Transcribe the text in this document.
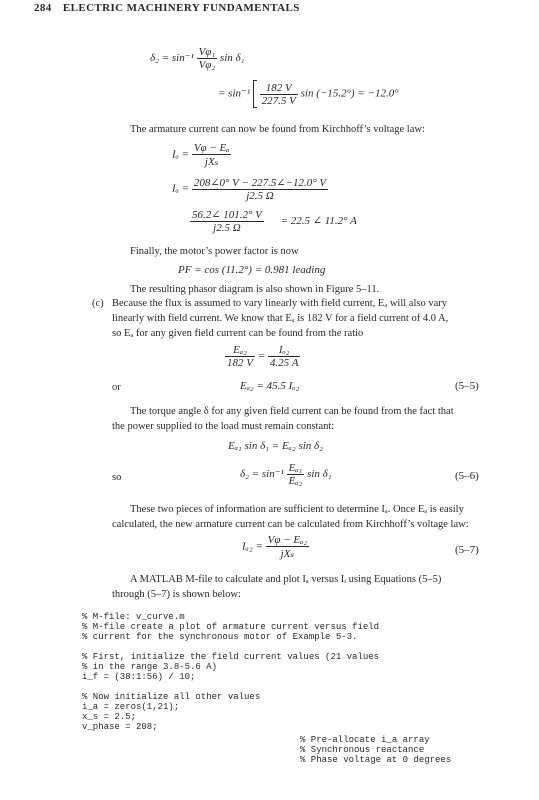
284 ELECTRIC MACHINERY FUNDAMENTALS
$\delta_2 = \sin^{-1} \frac{\text{Vφ₁}}{\text{Vφ₂}}$ sin δ₁
= $\sin^{-1} \frac{182 V}{227.5 V}$ sin (−15.2°) = −12.0°
The armature current can now be found from Kirchhoff’s voltage law:
$I_a = \frac{\text{Vφ − Eₐ}}{\text{jXₛ}}$
$I_a = \frac{208\angle 0^\circ V - 227.5\angle-12.0^\circ V}{j2.5 \Omega}$
$\frac{56.2\angle 101.2^\circ V}{j2.5 \Omega} = 22.5$ ∠ 11.2° A
Finally, the motor’s power factor is now
PF = cos (11.2°) = 0.981 leading
The resulting phasor diagram is also shown in Figure 5–11.
(c) Because the flux is assumed to vary linearly with field current, Eₐ will also vary
linearly with field current. We know that Eₐ is 182 V for a field current of 4.0 A,
so Eₐ for any given field current can be found from the ratio
$\frac{\text{Eₐ₂}}{182 V} = \frac{\text{Iₒ₂}}{4.25 A}$
or	Eₐ₂ = 45.5 Iₒ₂	(5–5)
The torque angle δ for any given field current can be found from the fact that
the power supplied to the load must remain constant:
Eₐ₁ sin δ₁ = Eₐ₂ sin δ₂
so	$\delta_2 = \sin^{-1} \frac{\text{Eₐ₁}}{\text{Eₐ₂}}$ sin δ₁	(5–6)
These two pieces of information are sufficient to determine Iₐ. Once Eₐ is easily
calculated, the new armature current can be calculated from Kirchhoff’s voltage law:
$I_{a2} = \frac{\text{Vφ − Eₐ₂}}{\text{jXₛ}}$	(5–7)
A MATLAB M-file to calculate and plot Iₐ versus Iᵢ using Equations (5–5)
through (5–7) is shown below:
% M-file: v_curve.m
% M-file create a plot of armature current versus field
% current for the synchronous motor of Example 5-3.

% First, initialize the field current values (21 values
% in the range 3.8-5.6 A)
i_f = (38:1:56) / 10;

% Now initialize all other values
i_a = zeros(1,21);
x_s = 2.5;
v_phase = 208;
% Pre-allocate i_a array
% Synchronous reactance
% Phase voltage at 0 degrees
